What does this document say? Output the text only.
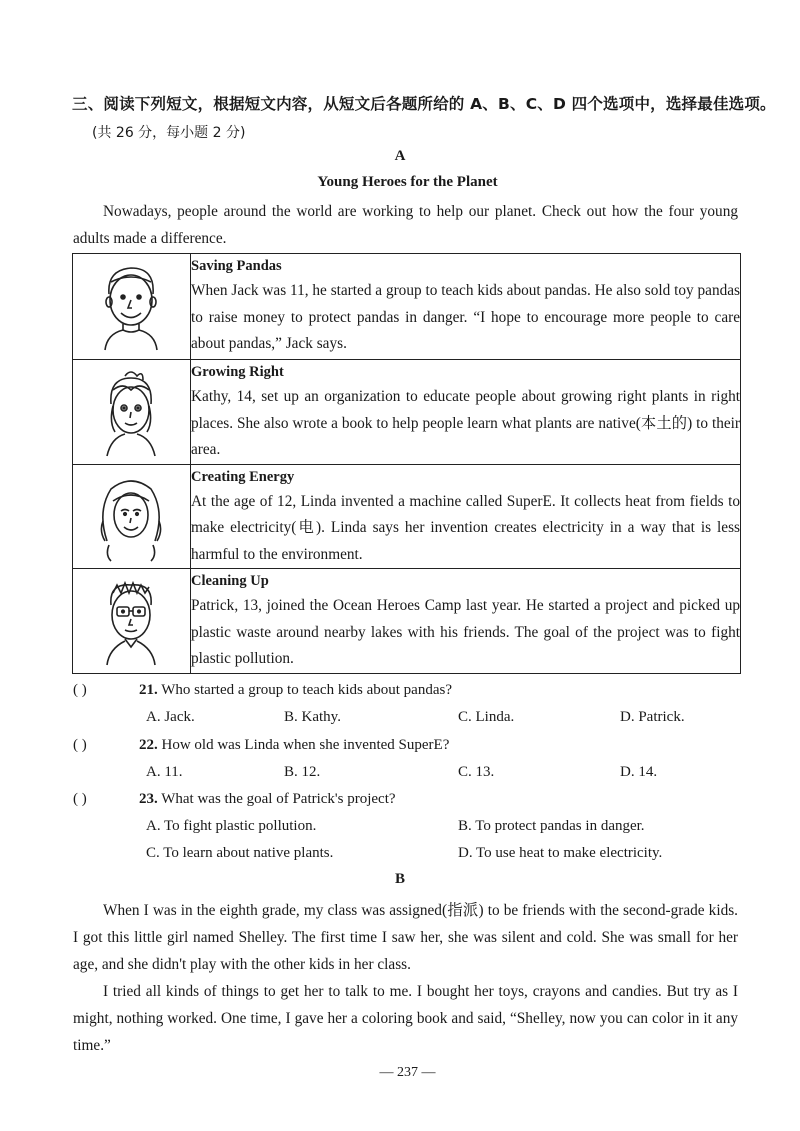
三、阅读下列短文，根据短文内容，从短文后各题所给的 A、B、C、D 四个选项中，选择最佳选项。
(共 26 分，每小题 2 分)
A
Young Heroes for the Planet
Nowadays, people around the world are working to help our planet. Check out how the four young adults made a difference.

Saving Pandas
When Jack was 11, he started a group to teach kids about pandas. He also sold toy pandas to raise money to protect pandas in danger. “I hope to encourage more people to care about pandas,” Jack says.

Growing Right
Kathy, 14, set up an organization to educate people about growing right plants in right places. She also wrote a book to help people learn what plants are native(本土的) to their area.

Creating Energy
At the age of 12, Linda invented a machine called SuperE. It collects heat from fields to make electricity(电). Linda says her invention creates electricity in a way that is less harmful to the environment.

Cleaning Up
Patrick, 13, joined the Ocean Heroes Camp last year. He started a project and picked up plastic waste around nearby lakes with his friends. The goal of the project was to fight plastic pollution.
( )	21. Who started a group to teach kids about pandas?
A. Jack.	B. Kathy.	C. Linda.	D. Patrick.
( )	22. How old was Linda when she invented SuperE?
A. 11.	B. 12.	C. 13.	D. 14.
( )	23. What was the goal of Patrick's project?
A. To fight plastic pollution.	B. To protect pandas in danger.
C. To learn about native plants.	D. To use heat to make electricity.
B
When I was in the eighth grade, my class was assigned(指派) to be friends with the second-grade kids. I got this little girl named Shelley. The first time I saw her, she was silent and cold. She was small for her age, and she didn't play with the other kids in her class.
I tried all kinds of things to get her to talk to me. I bought her toys, crayons and candies. But try as I might, nothing worked. One time, I gave her a coloring book and said, “Shelley, now you can color in it any time.”
— 237 —
